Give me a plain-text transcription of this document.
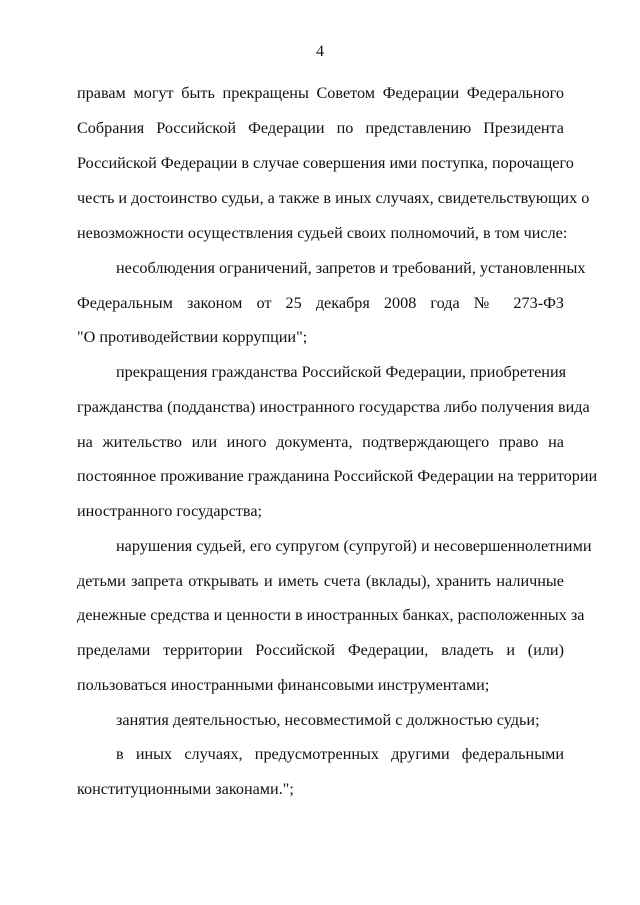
4
правам могут быть прекращены Советом Федерации Федерального
Собрания Российской Федерации по представлению Президента
Российской Федерации в случае совершения ими поступка, порочащего
честь и достоинство судьи, а также в иных случаях, свидетельствующих о
невозможности осуществления судьей своих полномочий, в том числе:
несоблюдения ограничений, запретов и требований, установленных
Федеральным законом от 25 декабря 2008 года № 273-ФЗ
"О противодействии коррупции";
прекращения гражданства Российской Федерации, приобретения
гражданства (подданства) иностранного государства либо получения вида
на жительство или иного документа, подтверждающего право на
постоянное проживание гражданина Российской Федерации на территории
иностранного государства;
нарушения судьей, его супругом (супругой) и несовершеннолетними
детьми запрета открывать и иметь счета (вклады), хранить наличные
денежные средства и ценности в иностранных банках, расположенных за
пределами территории Российской Федерации, владеть и (или)
пользоваться иностранными финансовыми инструментами;
занятия деятельностью, несовместимой с должностью судьи;
в иных случаях, предусмотренных другими федеральными
конституционными законами.";
